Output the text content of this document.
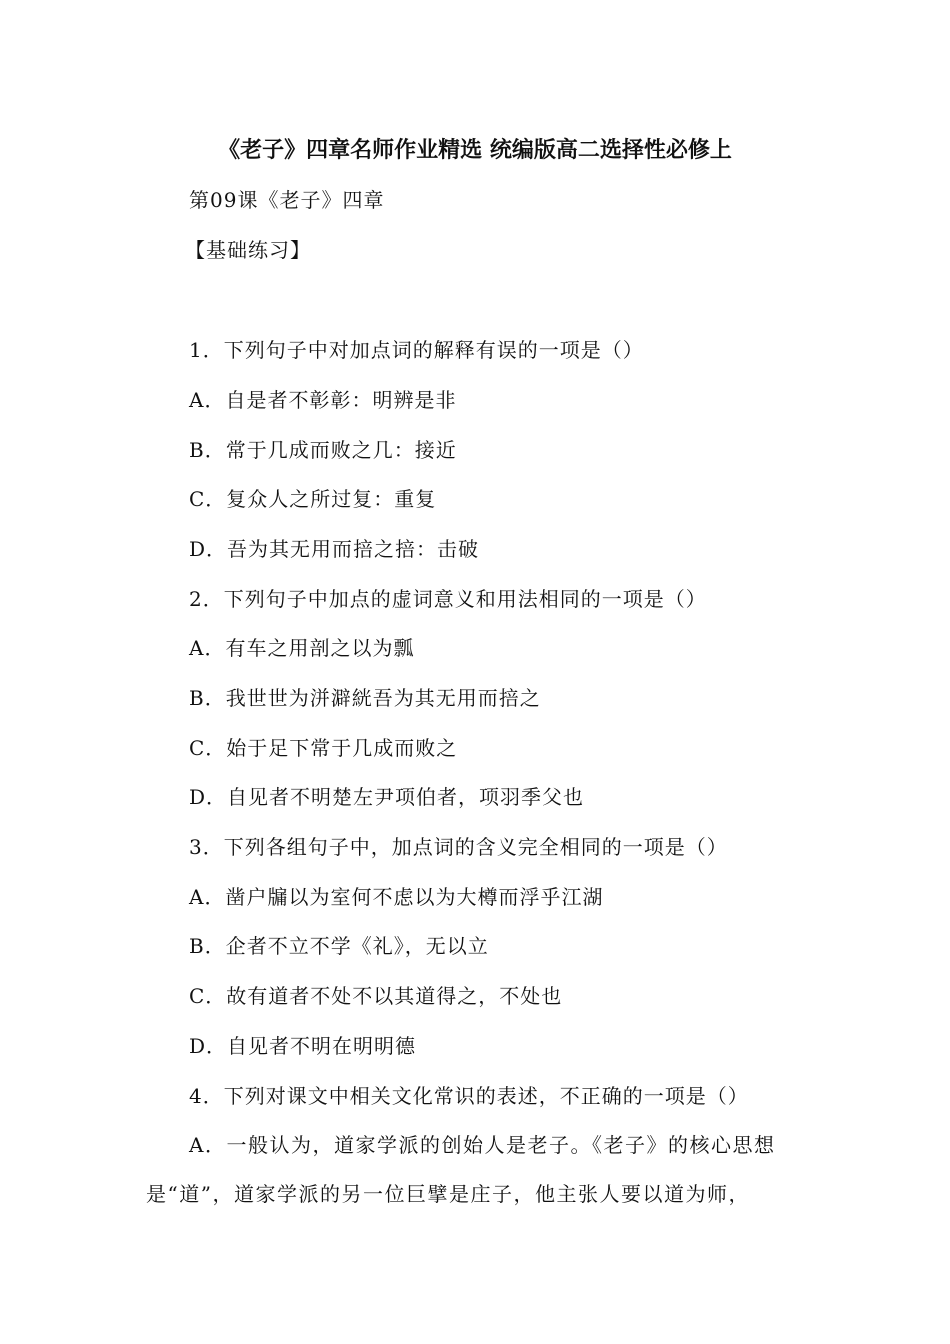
《老子》四章名师作业精选 统编版高二选择性必修上
第09课《老子》四章
【基础练习】
1．下列句子中对加点词的解释有误的一项是（）
A．自是者不彰彰：明辨是非
B．常于几成而败之几：接近
C．复众人之所过复：重复
D．吾为其无用而掊之掊：击破
2．下列句子中加点的虚词意义和用法相同的一项是（）
A．有车之用剖之以为瓢
B．我世世为洴澼絖吾为其无用而掊之
C．始于足下常于几成而败之
D．自见者不明楚左尹项伯者，项羽季父也
3．下列各组句子中，加点词的含义完全相同的一项是（）
A．凿户牖以为室何不虑以为大樽而浮乎江湖
B．企者不立不学《礼》，无以立
C．故有道者不处不以其道得之，不处也
D．自见者不明在明明德
4．下列对课文中相关文化常识的表述，不正确的一项是（）
A．一般认为，道家学派的创始人是老子。《老子》的核心思想是“道”，道家学派的另一位巨擘是庄子，他主张人要以道为师，
